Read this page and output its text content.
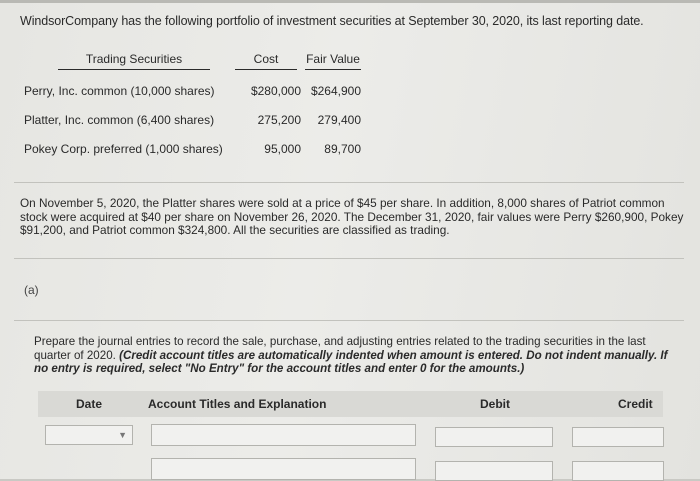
WindsorCompany has the following portfolio of investment securities at September 30, 2020, its last reporting date.
Trading Securities	Cost	Fair Value
Perry, Inc. common (10,000 shares)	$280,000 $264,900
Platter, Inc. common (6,400 shares)	275,200	279,400
Pokey Corp. preferred (1,000 shares)	95,000	89,700
On November 5, 2020, the Platter shares were sold at a price of $45 per share. In addition, 8,000 shares of Patriot common stock were acquired at $40 per share on November 26, 2020. The December 31, 2020, fair values were Perry $260,900, Pokey $91,200, and Patriot common $324,800. All the securities are classified as trading.
(a)
Prepare the journal entries to record the sale, purchase, and adjusting entries related to the trading securities in the last quarter of 2020. (Credit account titles are automatically indented when amount is entered. Do not indent manually. If no entry is required, select "No Entry" for the account titles and enter 0 for the amounts.)
Date	Account Titles and Explanation	Debit	Credit
▼
